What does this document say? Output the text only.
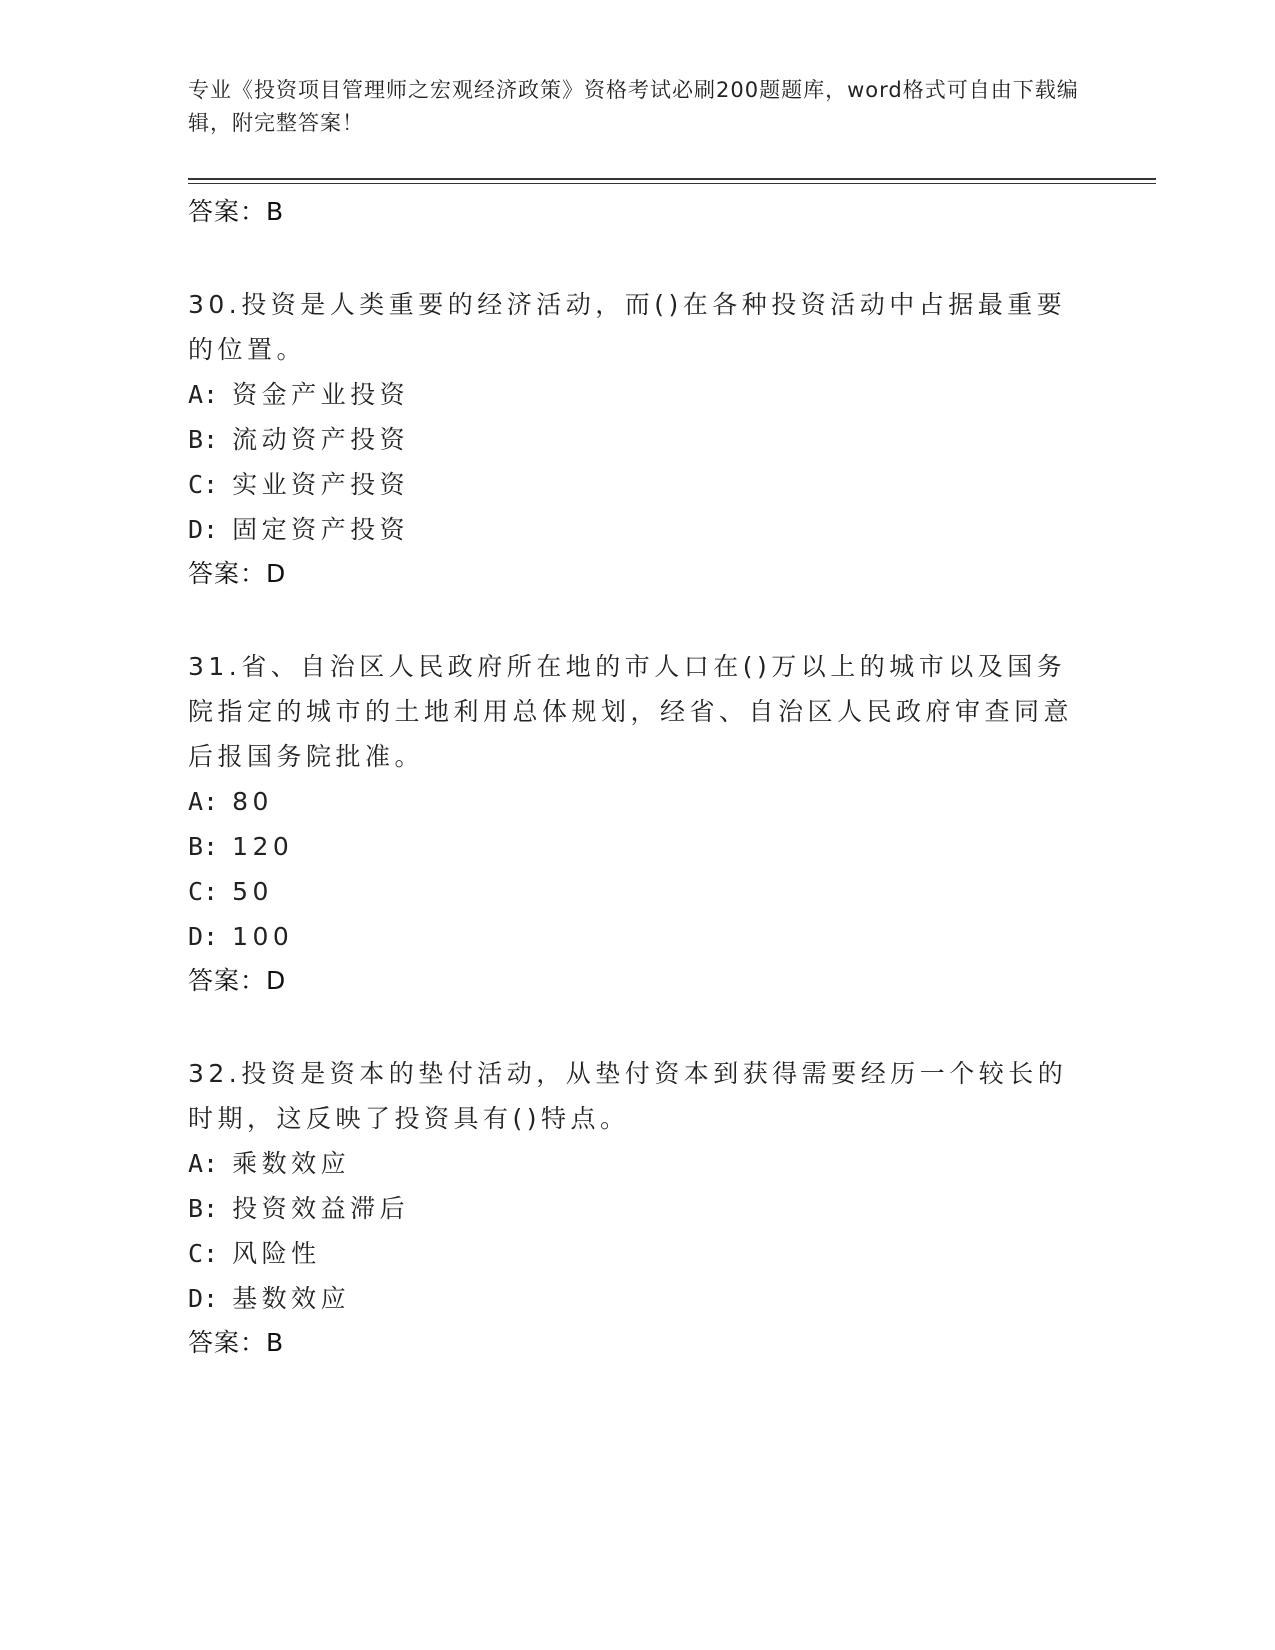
专业《投资项目管理师之宏观经济政策》资格考试必刷200题题库，word格式可自由下载编辑，附完整答案！
答案：B
30.投资是人类重要的经济活动，而()在各种投资活动中占据最重要的位置。
A: 资金产业投资
B: 流动资产投资
C: 实业资产投资
D: 固定资产投资
答案：D
31.省、自治区人民政府所在地的市人口在()万以上的城市以及国务院指定的城市的土地利用总体规划，经省、自治区人民政府审查同意后报国务院批准。
A: 80
B: 120
C: 50
D: 100
答案：D
32.投资是资本的垫付活动，从垫付资本到获得需要经历一个较长的时期，这反映了投资具有()特点。
A: 乘数效应
B: 投资效益滞后
C: 风险性
D: 基数效应
答案：B
